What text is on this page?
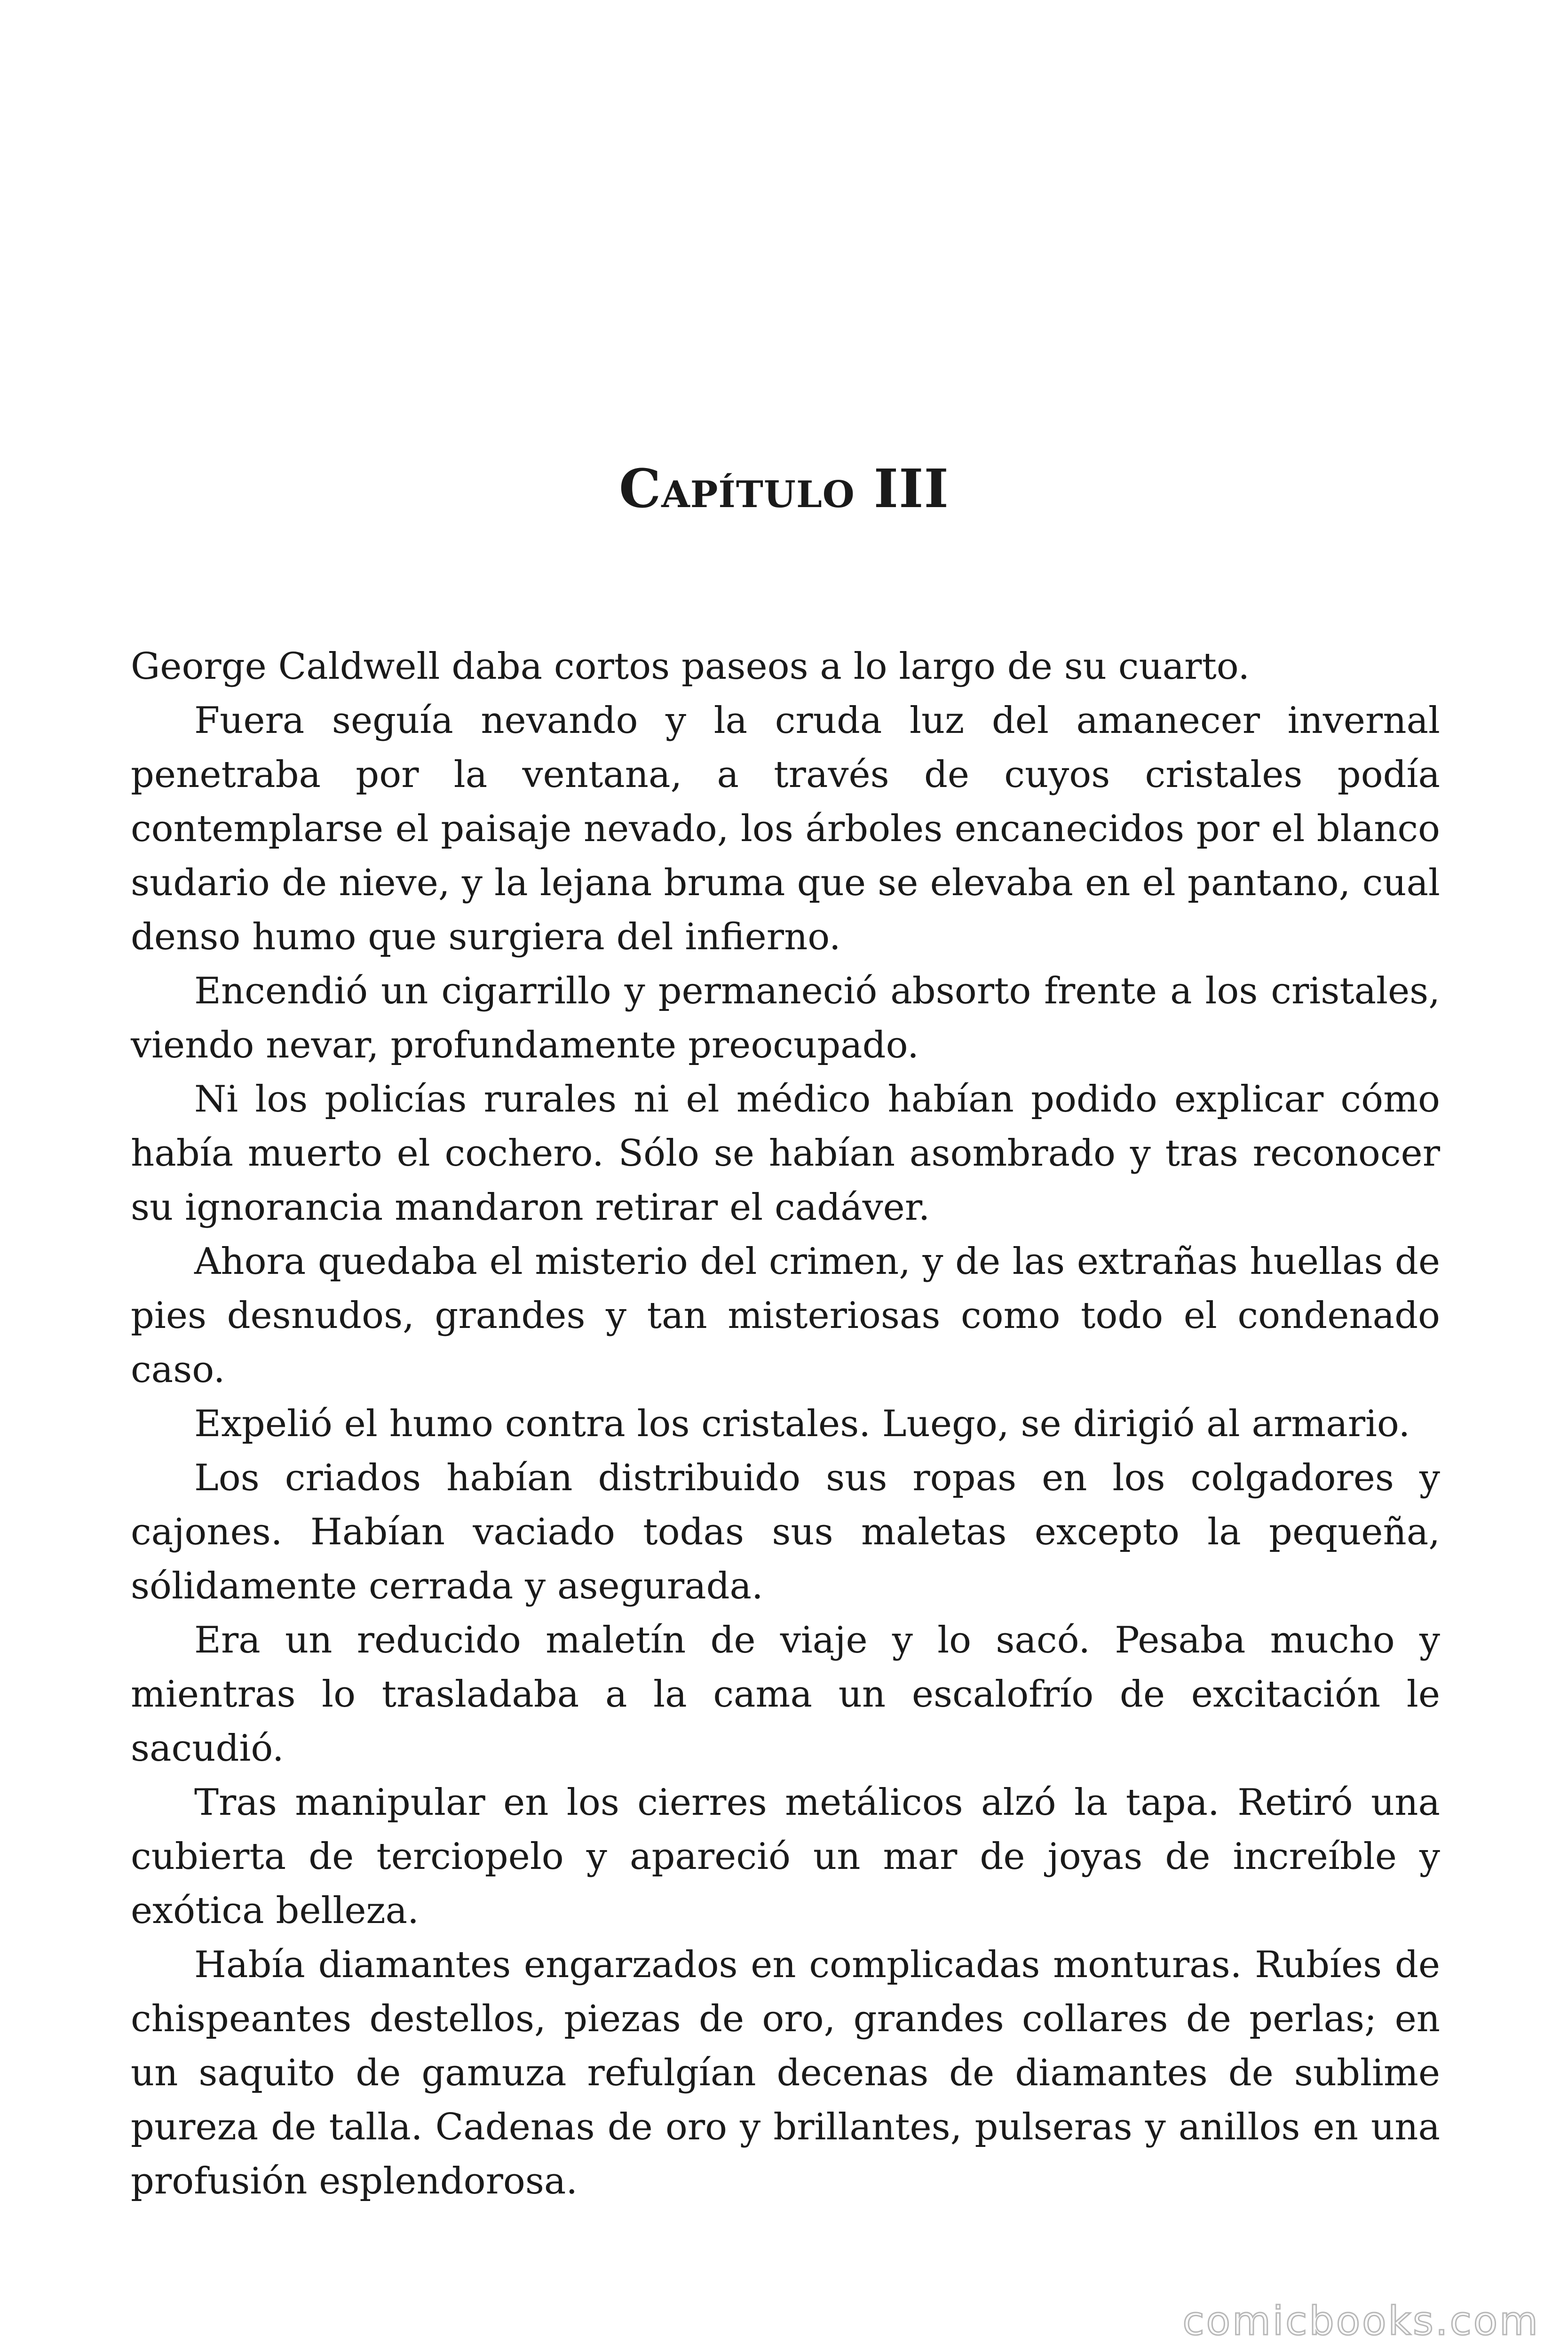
Capítulo III

George Caldwell daba cortos paseos a lo largo de su cuarto.

Fuera seguía nevando y la cruda luz del amanecer invernal penetraba por la ventana, a través de cuyos cristales podía contemplarse el paisaje nevado, los árboles encanecidos por el blanco sudario de nieve, y la lejana bruma que se elevaba en el pantano, cual denso humo que surgiera del infierno.

Encendió un cigarrillo y permaneció absorto frente a los cristales, viendo nevar, profundamente preocupado.

Ni los policías rurales ni el médico habían podido explicar cómo había muerto el cochero. Sólo se habían asombrado y tras reconocer su ignorancia mandaron retirar el cadáver.

Ahora quedaba el misterio del crimen, y de las extrañas huellas de pies desnudos, grandes y tan misteriosas como todo el condenado caso.

Expelió el humo contra los cristales. Luego, se dirigió al armario.

Los criados habían distribuido sus ropas en los colgadores y cajones. Habían vaciado todas sus maletas excepto la pequeña, sólidamente cerrada y asegurada.

Era un reducido maletín de viaje y lo sacó. Pesaba mucho y mientras lo trasladaba a la cama un escalofrío de excitación le sacudió.

Tras manipular en los cierres metálicos alzó la tapa. Retiró una cubierta de terciopelo y apareció un mar de joyas de increíble y exótica belleza.

Había diamantes engarzados en complicadas monturas. Rubíes de chispeantes destellos, piezas de oro, grandes collares de perlas; en un saquito de gamuza refulgían decenas de diamantes de sublime pureza de talla. Cadenas de oro y brillantes, pulseras y anillos en una profusión esplendorosa.

comicbooks.com
